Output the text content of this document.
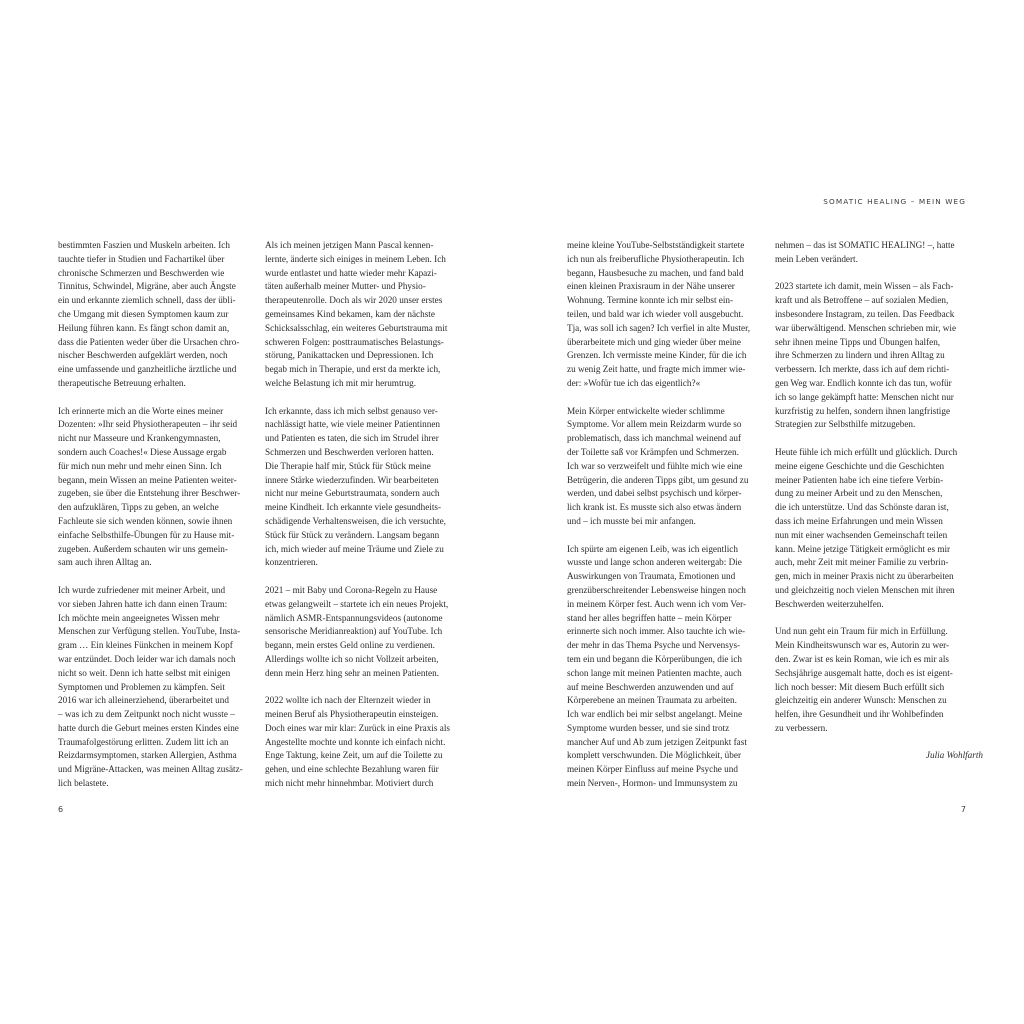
SOMATIC HEALING – MEIN WEG

bestimmten Faszien und Muskeln arbeiten. Ich
tauchte tiefer in Studien und Fachartikel über
chronische Schmerzen und Beschwerden wie
Tinnitus, Schwindel, Migräne, aber auch Ängste
ein und erkannte ziemlich schnell, dass der übli-
che Umgang mit diesen Symptomen kaum zur
Heilung führen kann. Es fängt schon damit an,
dass die Patienten weder über die Ursachen chro-
nischer Beschwerden aufgeklärt werden, noch
eine umfassende und ganzheitliche ärztliche und
therapeutische Betreuung erhalten.

Ich erinnerte mich an die Worte eines meiner
Dozenten: »Ihr seid Physiotherapeuten – ihr seid
nicht nur Masseure und Krankengymnasten,
sondern auch Coaches!« Diese Aussage ergab
für mich nun mehr und mehr einen Sinn. Ich
begann, mein Wissen an meine Patienten weiter-
zugeben, sie über die Entstehung ihrer Beschwer-
den aufzuklären, Tipps zu geben, an welche
Fachleute sie sich wenden können, sowie ihnen
einfache Selbsthilfe-Übungen für zu Hause mit-
zugeben. Außerdem schauten wir uns gemein-
sam auch ihren Alltag an.

Ich wurde zufriedener mit meiner Arbeit, und
vor sieben Jahren hatte ich dann einen Traum:
Ich möchte mein angeeignetes Wissen mehr
Menschen zur Verfügung stellen. YouTube, Insta-
gram … Ein kleines Fünkchen in meinem Kopf
war entzündet. Doch leider war ich damals noch
nicht so weit. Denn ich hatte selbst mit einigen
Symptomen und Problemen zu kämpfen. Seit
2016 war ich alleinerziehend, überarbeitet und
– was ich zu dem Zeitpunkt noch nicht wusste –
hatte durch die Geburt meines ersten Kindes eine
Traumafolgestörung erlitten. Zudem litt ich an
Reizdarmsymptomen, starken Allergien, Asthma
und Migräne-Attacken, was meinen Alltag zusätz-
lich belastete.

Als ich meinen jetzigen Mann Pascal kennen-
lernte, änderte sich einiges in meinem Leben. Ich
wurde entlastet und hatte wieder mehr Kapazi-
täten außerhalb meiner Mutter- und Physio-
therapeutenrolle. Doch als wir 2020 unser erstes
gemeinsames Kind bekamen, kam der nächste
Schicksalsschlag, ein weiteres Geburtstrauma mit
schweren Folgen: posttraumatisches Belastungs-
störung, Panikattacken und Depressionen. Ich
begab mich in Therapie, und erst da merkte ich,
welche Belastung ich mit mir herumtrug.

Ich erkannte, dass ich mich selbst genauso ver-
nachlässigt hatte, wie viele meiner Patientinnen
und Patienten es taten, die sich im Strudel ihrer
Schmerzen und Beschwerden verloren hatten.
Die Therapie half mir, Stück für Stück meine
innere Stärke wiederzufinden. Wir bearbeiteten
nicht nur meine Geburtstraumata, sondern auch
meine Kindheit. Ich erkannte viele gesundheits-
schädigende Verhaltensweisen, die ich versuchte,
Stück für Stück zu verändern. Langsam begann
ich, mich wieder auf meine Träume und Ziele zu
konzentrieren.

2021 – mit Baby und Corona-Regeln zu Hause
etwas gelangweilt – startete ich ein neues Projekt,
nämlich ASMR-Entspannungsvideos (autonome
sensorische Meridianreaktion) auf YouTube. Ich
begann, mein erstes Geld online zu verdienen.
Allerdings wollte ich so nicht Vollzeit arbeiten,
denn mein Herz hing sehr an meinen Patienten.

2022 wollte ich nach der Elternzeit wieder in
meinen Beruf als Physiotherapeutin einsteigen.
Doch eines war mir klar: Zurück in eine Praxis als
Angestellte mochte und konnte ich einfach nicht.
Enge Taktung, keine Zeit, um auf die Toilette zu
gehen, und eine schlechte Bezahlung waren für
mich nicht mehr hinnehmbar. Motiviert durch

6

meine kleine YouTube-Selbstständigkeit startete
ich nun als freiberufliche Physiotherapeutin. Ich
begann, Hausbesuche zu machen, und fand bald
einen kleinen Praxisraum in der Nähe unserer
Wohnung. Termine konnte ich mir selbst ein-
teilen, und bald war ich wieder voll ausgebucht.
Tja, was soll ich sagen? Ich verfiel in alte Muster,
überarbeitete mich und ging wieder über meine
Grenzen. Ich vermisste meine Kinder, für die ich
zu wenig Zeit hatte, und fragte mich immer wie-
der: »Wofür tue ich das eigentlich?«

Mein Körper entwickelte wieder schlimme
Symptome. Vor allem mein Reizdarm wurde so
problematisch, dass ich manchmal weinend auf
der Toilette saß vor Krämpfen und Schmerzen.
Ich war so verzweifelt und fühlte mich wie eine
Betrügerin, die anderen Tipps gibt, um gesund zu
werden, und dabei selbst psychisch und körper-
lich krank ist. Es musste sich also etwas ändern
und – ich musste bei mir anfangen.

Ich spürte am eigenen Leib, was ich eigentlich
wusste und lange schon anderen weitergab: Die
Auswirkungen von Traumata, Emotionen und
grenzüberschreitender Lebensweise hingen noch
in meinem Körper fest. Auch wenn ich vom Ver-
stand her alles begriffen hatte – mein Körper
erinnerte sich noch immer. Also tauchte ich wie-
der mehr in das Thema Psyche und Nervensys-
tem ein und begann die Körperübungen, die ich
schon lange mit meinen Patienten machte, auch
auf meine Beschwerden anzuwenden und auf
Körperebene an meinen Traumata zu arbeiten.
Ich war endlich bei mir selbst angelangt. Meine
Symptome wurden besser, und sie sind trotz
mancher Auf und Ab zum jetzigen Zeitpunkt fast
komplett verschwunden. Die Möglichkeit, über
meinen Körper Einfluss auf meine Psyche und
mein Nerven-, Hormon- und Immunsystem zu

nehmen – das ist SOMATIC HEALING! –, hatte
mein Leben verändert.

2023 startete ich damit, mein Wissen – als Fach-
kraft und als Betroffene – auf sozialen Medien,
insbesondere Instagram, zu teilen. Das Feedback
war überwältigend. Menschen schrieben mir, wie
sehr ihnen meine Tipps und Übungen halfen,
ihre Schmerzen zu lindern und ihren Alltag zu
verbessern. Ich merkte, dass ich auf dem richti-
gen Weg war. Endlich konnte ich das tun, wofür
ich so lange gekämpft hatte: Menschen nicht nur
kurzfristig zu helfen, sondern ihnen langfristige
Strategien zur Selbsthilfe mitzugeben.

Heute fühle ich mich erfüllt und glücklich. Durch
meine eigene Geschichte und die Geschichten
meiner Patienten habe ich eine tiefere Verbin-
dung zu meiner Arbeit und zu den Menschen,
die ich unterstütze. Und das Schönste daran ist,
dass ich meine Erfahrungen und mein Wissen
nun mit einer wachsenden Gemeinschaft teilen
kann. Meine jetzige Tätigkeit ermöglicht es mir
auch, mehr Zeit mit meiner Familie zu verbrin-
gen, mich in meiner Praxis nicht zu überarbeiten
und gleichzeitig noch vielen Menschen mit ihren
Beschwerden weiterzuhelfen.

Und nun geht ein Traum für mich in Erfüllung.
Mein Kindheitswunsch war es, Autorin zu wer-
den. Zwar ist es kein Roman, wie ich es mir als
Sechsjährige ausgemalt hatte, doch es ist eigent-
lich noch besser: Mit diesem Buch erfüllt sich
gleichzeitig ein anderer Wunsch: Menschen zu
helfen, ihre Gesundheit und ihr Wohlbefinden
zu verbessern.

Julia Wohlfarth

7
